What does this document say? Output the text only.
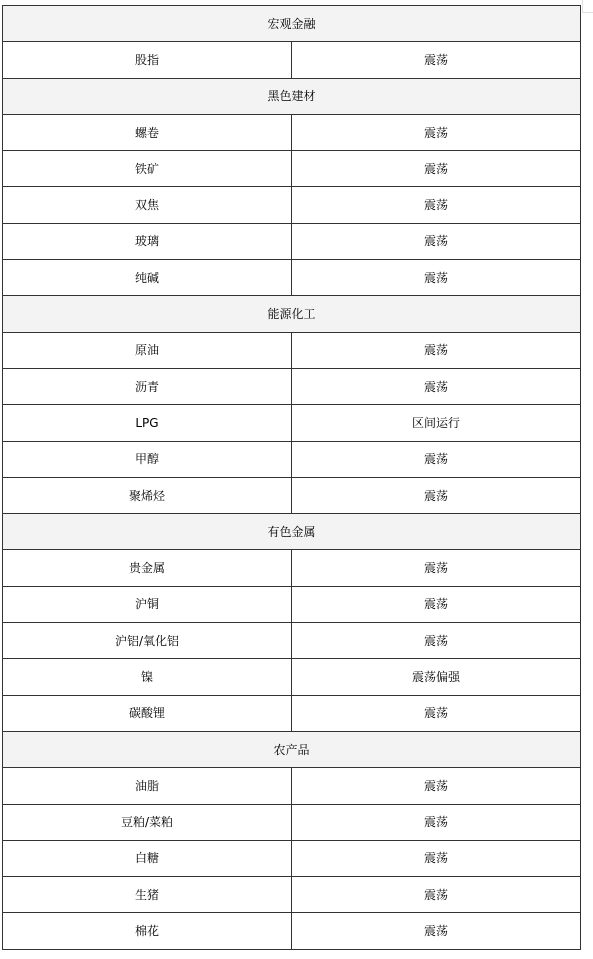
宏观金融	
股指	震荡
黑色建材	
螺卷	震荡
铁矿	震荡
双焦	震荡
玻璃	震荡
纯碱	震荡
能源化工	
原油	震荡
沥青	震荡
LPG	区间运行
甲醇	震荡
聚烯烃	震荡
有色金属	
贵金属	震荡
沪铜	震荡
沪铝/氧化铝	震荡
镍	震荡偏强
碳酸锂	震荡
农产品	
油脂	震荡
豆粕/菜粕	震荡
白糖	震荡
生猪	震荡
棉花	震荡
